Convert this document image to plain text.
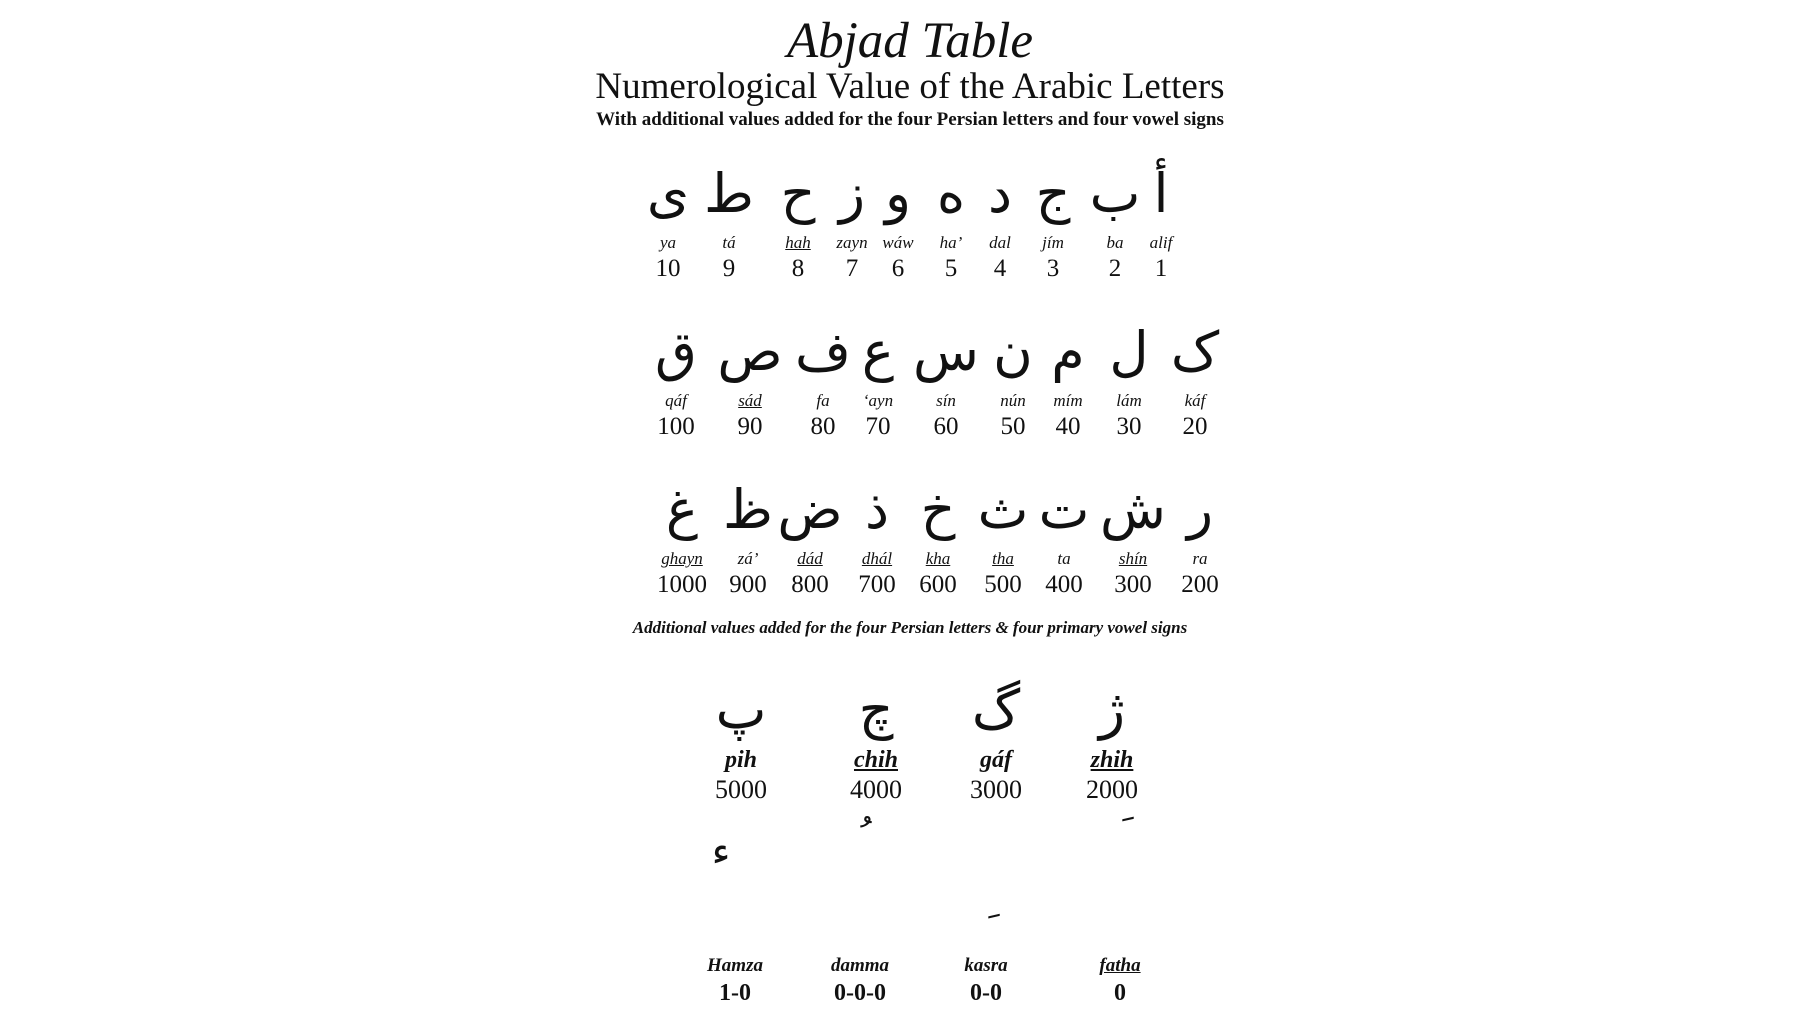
Abjad Table
Numerological Value of the Arabic Letters
With additional values added for the four Persian letters and four vowel signs
ی
ya
10
ط
tá
9
ح
hah
8
ز
zayn
7
و
wáw
6
ه
ha’
5
د
dal
4
ج
jím
3
ب
ba
2
أ
alif
1
ق
qáf
100
ص
sád
90
ف
fa
80
ع
‘ayn
70
س
sín
60
ن
nún
50
م
mím
40
ل
lám
30
ک
káf
20
غ
ghayn
1000
ظ
zá’
900
ض
dád
800
ذ
dhál
700
خ
kha
600
ث
tha
500
ت
ta
400
ش
shín
300
ر
ra
200
Additional values added for the four Persian letters & four primary vowel signs
پ
pih
5000
چ
chih
4000
گ
gáf
3000
ژ
zhih
2000
ء
Hamza
1-0
damma
0-0-0
kasra
0-0
fatha
0
